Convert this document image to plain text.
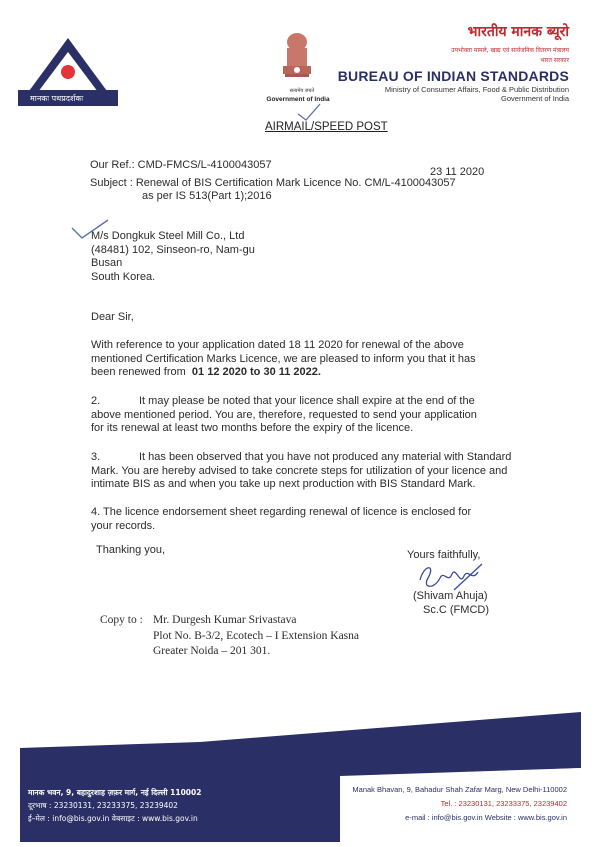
मानकः पथप्रदर्शकः
सत्यमेव जयते
Government of India
भारतीय मानक ब्यूरो
उपभोक्ता मामले, खाद्य एवं सार्वजनिक वितरण मंत्रालय
भारत सरकार
BUREAU OF INDIAN STANDARDS
Ministry of Consumer Affairs, Food & Public Distribution
Government of India
AIRMAIL/SPEED POST
Our Ref.: CMD-FMCS/L-4100043057
23 11 2020
Subject : Renewal of BIS Certification Mark Licence No. CM/L-4100043057
as per IS 513(Part 1);2016
M/s Dongkuk Steel Mill Co., Ltd
(48481) 102, Sinseon-ro, Nam-gu
Busan
South Korea.
Dear Sir,
With reference to your application dated 18 11 2020 for renewal of the above
mentioned Certification Marks Licence, we are pleased to inform you that it has
been renewed from 01 12 2020 to 30 11 2022.
2.	It may please be noted that your licence shall expire at the end of the
above mentioned period. You are, therefore, requested to send your application
for its renewal at least two months before the expiry of the licence.
3.	It has been observed that you have not produced any material with Standard
Mark. You are hereby advised to take concrete steps for utilization of your licence and
intimate BIS as and when you take up next production with BIS Standard Mark.
4. The licence endorsement sheet regarding renewal of licence is enclosed for
your records.
Thanking you,	Yours faithfully,
(Shivam Ahuja)
Sc.C (FMCD)
Copy to : Mr. Durgesh Kumar Srivastava
Plot No. B-3/2, Ecotech – I Extension Kasna
Greater Noida – 201 301.
मानक भवन, 9, बहादुरशाह ज़फ़र मार्ग, नई दिल्ली 110002
दूरभाष : 23230131, 23233375, 23239402
ई–मेल : info@bis.gov.in वेबसाइट : www.bis.gov.in
Manak Bhavan, 9, Bahadur Shah Zafar Marg, New Delhi-110002
Tel. : 23230131, 23233375, 23239402
e-mail : info@bis.gov.in Website : www.bis.gov.in
